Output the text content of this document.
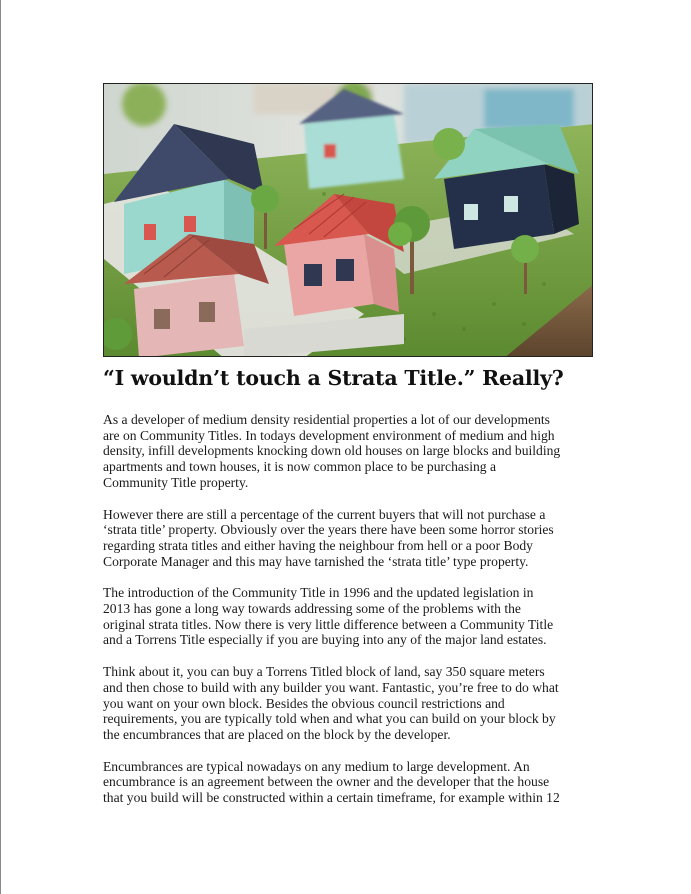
“I wouldn’t touch a Strata Title.” Really?

As a developer of medium density residential properties a lot of our developments
are on Community Titles. In todays development environment of medium and high
density, infill developments knocking down old houses on large blocks and building
apartments and town houses, it is now common place to be purchasing a
Community Title property.

However there are still a percentage of the current buyers that will not purchase a
‘strata title’ property. Obviously over the years there have been some horror stories
regarding strata titles and either having the neighbour from hell or a poor Body
Corporate Manager and this may have tarnished the ‘strata title’ type property.

The introduction of the Community Title in 1996 and the updated legislation in
2013 has gone a long way towards addressing some of the problems with the
original strata titles. Now there is very little difference between a Community Title
and a Torrens Title especially if you are buying into any of the major land estates.

Think about it, you can buy a Torrens Titled block of land, say 350 square meters
and then chose to build with any builder you want. Fantastic, you’re free to do what
you want on your own block. Besides the obvious council restrictions and
requirements, you are typically told when and what you can build on your block by
the encumbrances that are placed on the block by the developer.

Encumbrances are typical nowadays on any medium to large development. An
encumbrance is an agreement between the owner and the developer that the house
that you build will be constructed within a certain timeframe, for example within 12
